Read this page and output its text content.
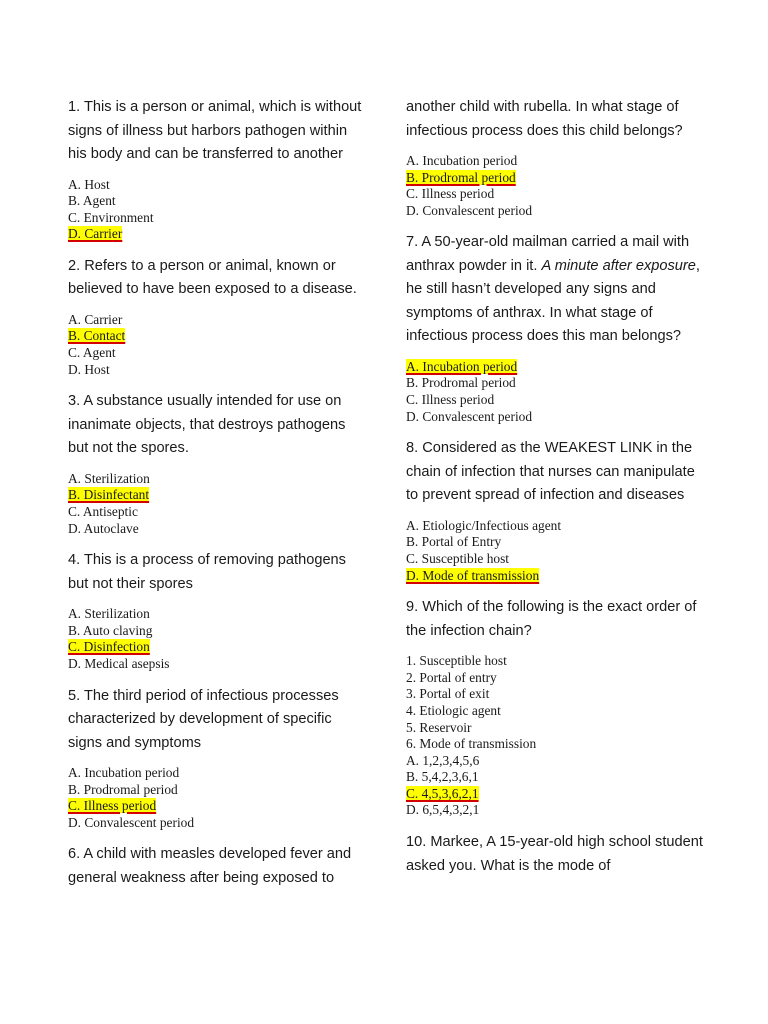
1. This is a person or animal, which is without signs of illness but harbors pathogen within his body and can be transferred to another

A. Host
B. Agent
C. Environment
D. Carrier

2. Refers to a person or animal, known or believed to have been exposed to a disease.

A. Carrier
B. Contact
C. Agent
D. Host

3. A substance usually intended for use on inanimate objects, that destroys pathogens but not the spores.

A. Sterilization
B. Disinfectant
C. Antiseptic
D. Autoclave

4. This is a process of removing pathogens but not their spores

A. Sterilization
B. Auto claving
C. Disinfection
D. Medical asepsis

5. The third period of infectious processes characterized by development of specific signs and symptoms

A. Incubation period
B. Prodromal period
C. Illness period
D. Convalescent period

6. A child with measles developed fever and general weakness after being exposed to

another child with rubella. In what stage of infectious process does this child belongs?

A. Incubation period
B. Prodromal period
C. Illness period
D. Convalescent period

7. A 50-year-old mailman carried a mail with anthrax powder in it. A minute after exposure, he still hasn’t developed any signs and symptoms of anthrax. In what stage of infectious process does this man belongs?

A. Incubation period
B. Prodromal period
C. Illness period
D. Convalescent period

8. Considered as the WEAKEST LINK in the chain of infection that nurses can manipulate to prevent spread of infection and diseases

A. Etiologic/Infectious agent
B. Portal of Entry
C. Susceptible host
D. Mode of transmission

9. Which of the following is the exact order of the infection chain?

1. Susceptible host
2. Portal of entry
3. Portal of exit
4. Etiologic agent
5. Reservoir
6. Mode of transmission
A. 1,2,3,4,5,6
B. 5,4,2,3,6,1
C. 4,5,3,6,2,1
D. 6,5,4,3,2,1

10. Markee, A 15-year-old high school student asked you. What is the mode of
